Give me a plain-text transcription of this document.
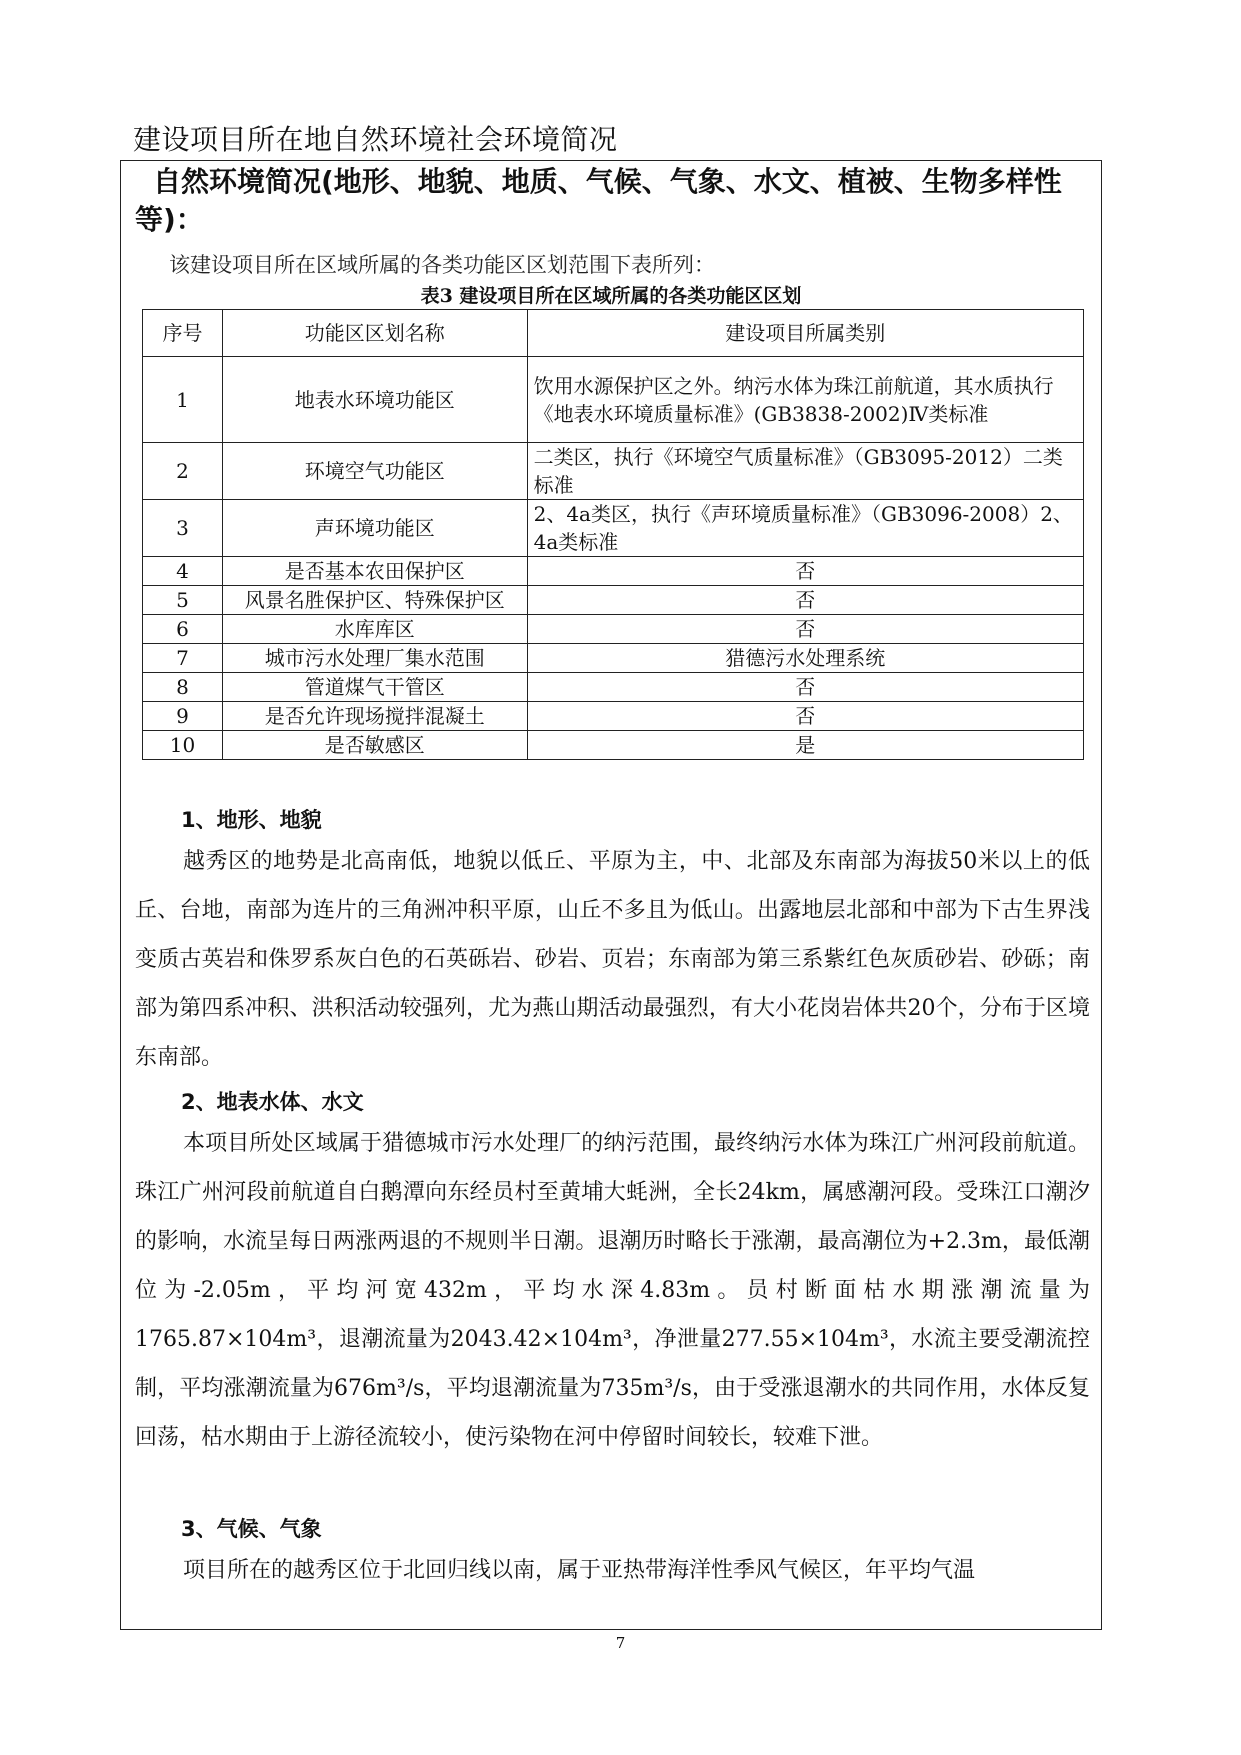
建设项目所在地自然环境社会环境简况
自然环境简况(地形、地貌、地质、气候、气象、水文、植被、生物多样性等)：
该建设项目所在区域所属的各类功能区区划范围下表所列：
表3 建设项目所在区域所属的各类功能区区划
序号	功能区区划名称	建设项目所属类别
1	地表水环境功能区	饮用水源保护区之外。纳污水体为珠江前航道，其水质执行《地表水环境质量标准》(GB3838-2002)Ⅳ类标准
2	环境空气功能区	二类区，执行《环境空气质量标准》（GB3095-2012）二类标准
3	声环境功能区	2、4a类区，执行《声环境质量标准》（GB3096-2008）2、4a类标准
4	是否基本农田保护区	否
5	风景名胜保护区、特殊保护区	否
6	水库库区	否
7	城市污水处理厂集水范围	猎德污水处理系统
8	管道煤气干管区	否
9	是否允许现场搅拌混凝土	否
10	是否敏感区	是
1、地形、地貌
越秀区的地势是北高南低，地貌以低丘、平原为主，中、北部及东南部为海拔50米以上的低丘、台地，南部为连片的三角洲冲积平原，山丘不多且为低山。出露地层北部和中部为下古生界浅变质古英岩和侏罗系灰白色的石英砾岩、砂岩、页岩；东南部为第三系紫红色灰质砂岩、砂砾；南部为第四系冲积、洪积活动较强列，尤为燕山期活动最强烈，有大小花岗岩体共20个，分布于区境东南部。
2、地表水体、水文
本项目所处区域属于猎德城市污水处理厂的纳污范围，最终纳污水体为珠江广州河段前航道。珠江广州河段前航道自白鹅潭向东经员村至黄埔大蚝洲，全长24km，属感潮河段。受珠江口潮汐的影响，水流呈每日两涨两退的不规则半日潮。退潮历时略长于涨潮，最高潮位为+2.3m，最低潮位为-2.05m，平均河宽432m，平均水深4.83m。员村断面枯水期涨潮流量为1765.87×104m³，退潮流量为2043.42×104m³，净泄量277.55×104m³，水流主要受潮流控制，平均涨潮流量为676m³/s，平均退潮流量为735m³/s，由于受涨退潮水的共同作用，水体反复回荡，枯水期由于上游径流较小，使污染物在河中停留时间较长，较难下泄。
3、气候、气象
项目所在的越秀区位于北回归线以南，属于亚热带海洋性季风气候区，年平均气温
7
